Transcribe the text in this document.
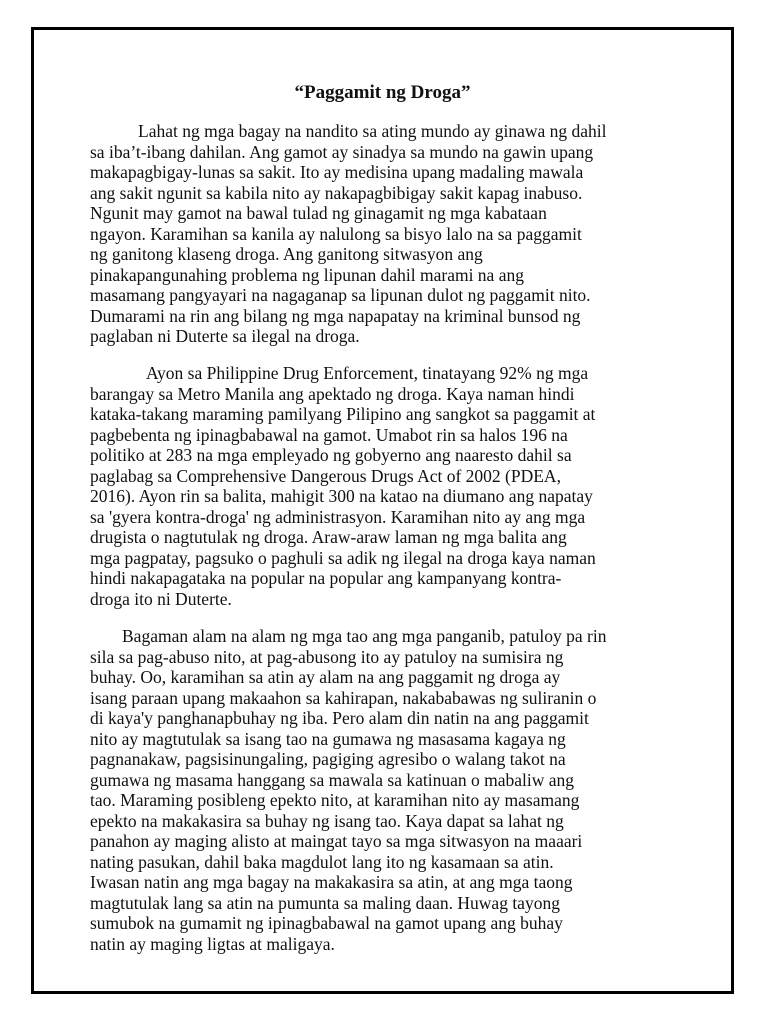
“Paggamit ng Droga”

Lahat ng mga bagay na nandito sa ating mundo ay ginawa ng dahil
sa iba’t-ibang dahilan. Ang gamot ay sinadya sa mundo na gawin upang
makapagbigay-lunas sa sakit. Ito ay medisina upang madaling mawala
ang sakit ngunit sa kabila nito ay nakapagbibigay sakit kapag inabuso.
Ngunit may gamot na bawal tulad ng ginagamit ng mga kabataan
ngayon. Karamihan sa kanila ay nalulong sa bisyo lalo na sa paggamit
ng ganitong klaseng droga. Ang ganitong sitwasyon ang
pinakapangunahing problema ng lipunan dahil marami na ang
masamang pangyayari na nagaganap sa lipunan dulot ng paggamit nito.
Dumarami na rin ang bilang ng mga napapatay na kriminal bunsod ng
paglaban ni Duterte sa ilegal na droga.

Ayon sa Philippine Drug Enforcement, tinatayang 92% ng mga
barangay sa Metro Manila ang apektado ng droga. Kaya naman hindi
kataka-takang maraming pamilyang Pilipino ang sangkot sa paggamit at
pagbebenta ng ipinagbabawal na gamot. Umabot rin sa halos 196 na
politiko at 283 na mga empleyado ng gobyerno ang naaresto dahil sa
paglabag sa Comprehensive Dangerous Drugs Act of 2002 (PDEA,
2016). Ayon rin sa balita, mahigit 300 na katao na diumano ang napatay
sa 'gyera kontra-droga' ng administrasyon. Karamihan nito ay ang mga
drugista o nagtutulak ng droga. Araw-araw laman ng mga balita ang
mga pagpatay, pagsuko o paghuli sa adik ng ilegal na droga kaya naman
hindi nakapagataka na popular na popular ang kampanyang kontra-
droga ito ni Duterte.

Bagaman alam na alam ng mga tao ang mga panganib, patuloy pa rin
sila sa pag-abuso nito, at pag-abusong ito ay patuloy na sumisira ng
buhay. Oo, karamihan sa atin ay alam na ang paggamit ng droga ay
isang paraan upang makaahon sa kahirapan, nakababawas ng suliranin o
di kaya'y panghanapbuhay ng iba. Pero alam din natin na ang paggamit
nito ay magtutulak sa isang tao na gumawa ng masasama kagaya ng
pagnanakaw, pagsisinungaling, pagiging agresibo o walang takot na
gumawa ng masama hanggang sa mawala sa katinuan o mabaliw ang
tao. Maraming posibleng epekto nito, at karamihan nito ay masamang
epekto na makakasira sa buhay ng isang tao. Kaya dapat sa lahat ng
panahon ay maging alisto at maingat tayo sa mga sitwasyon na maaari
nating pasukan, dahil baka magdulot lang ito ng kasamaan sa atin.
Iwasan natin ang mga bagay na makakasira sa atin, at ang mga taong
magtutulak lang sa atin na pumunta sa maling daan. Huwag tayong
sumubok na gumamit ng ipinagbabawal na gamot upang ang buhay
natin ay maging ligtas at maligaya.
